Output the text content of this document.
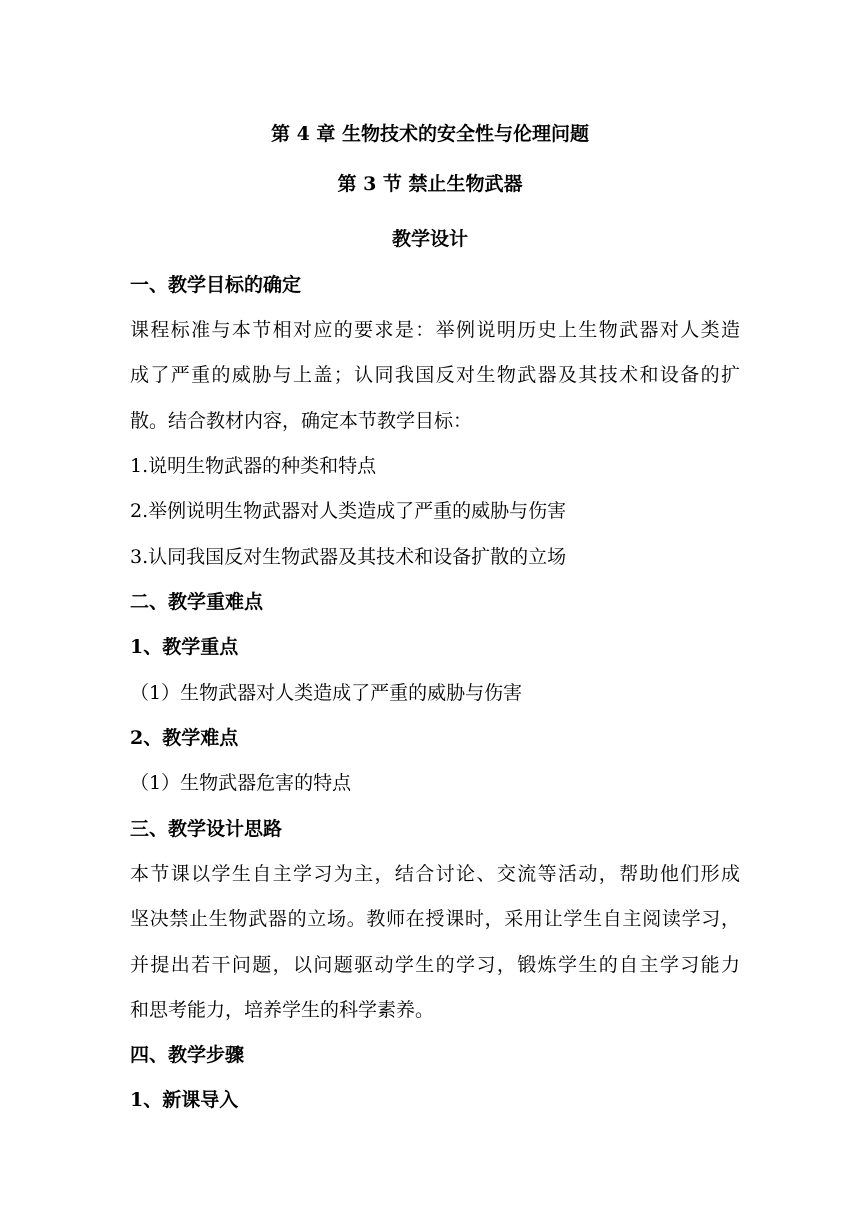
第 4 章 生物技术的安全性与伦理问题
第 3 节 禁止生物武器
教学设计
一、教学目标的确定
课程标准与本节相对应的要求是：举例说明历史上生物武器对人类造
成了严重的威胁与上盖；认同我国反对生物武器及其技术和设备的扩
散。结合教材内容，确定本节教学目标：
1.说明生物武器的种类和特点
2.举例说明生物武器对人类造成了严重的威胁与伤害
3.认同我国反对生物武器及其技术和设备扩散的立场
二、教学重难点
1、教学重点
（1）生物武器对人类造成了严重的威胁与伤害
2、教学难点
（1）生物武器危害的特点
三、教学设计思路
本节课以学生自主学习为主，结合讨论、交流等活动，帮助他们形成
坚决禁止生物武器的立场。教师在授课时，采用让学生自主阅读学习，
并提出若干问题，以问题驱动学生的学习，锻炼学生的自主学习能力
和思考能力，培养学生的科学素养。
四、教学步骤
1、新课导入
